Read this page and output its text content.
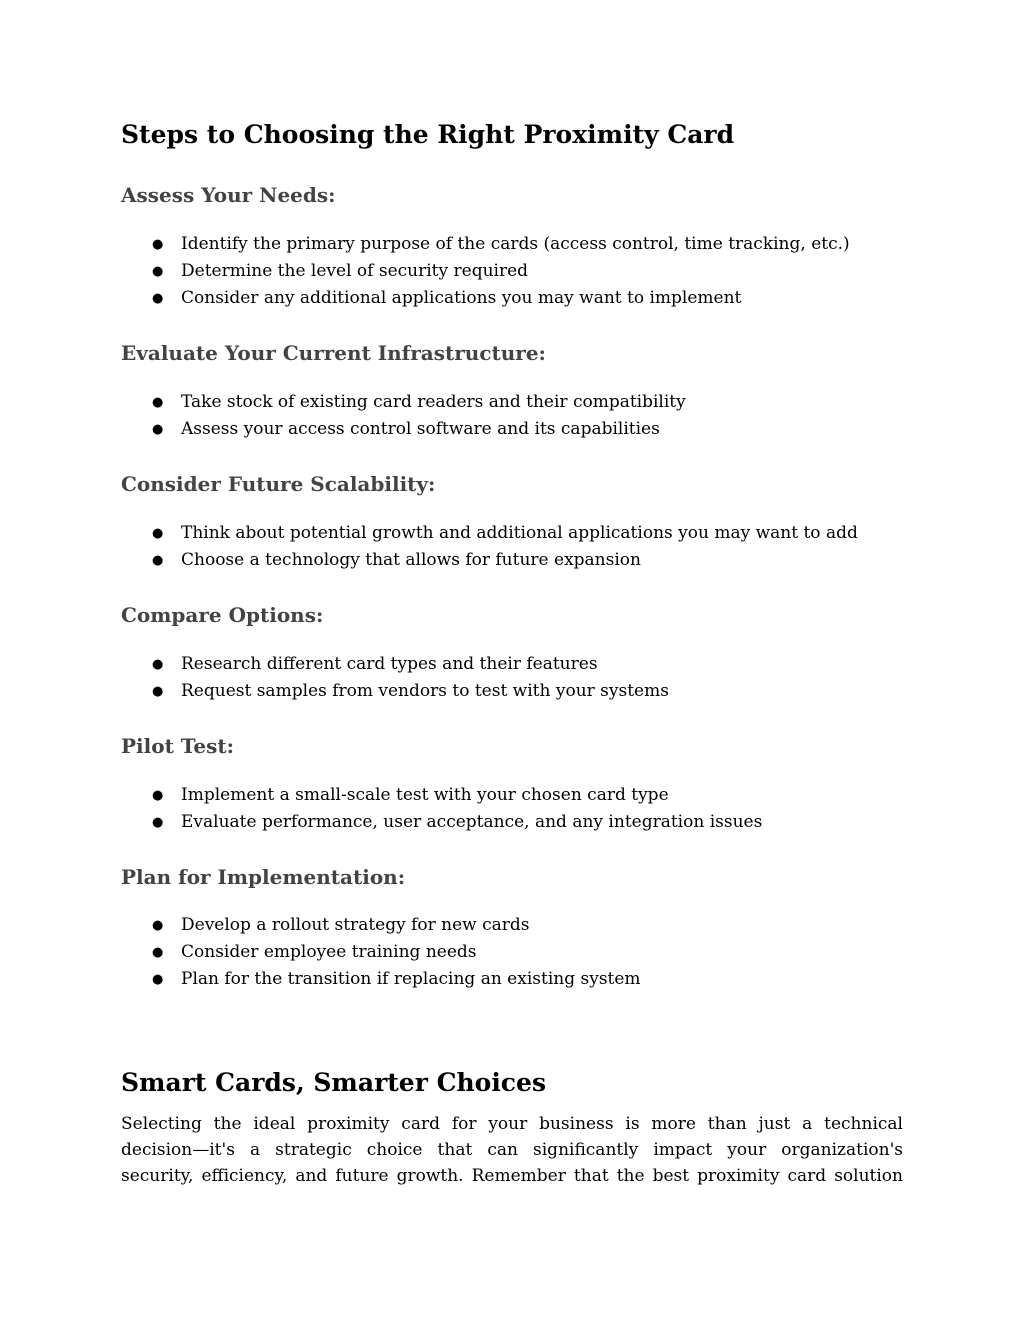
Steps to Choosing the Right Proximity Card
Assess Your Needs:
● Identify the primary purpose of the cards (access control, time tracking, etc.)
● Determine the level of security required
● Consider any additional applications you may want to implement
Evaluate Your Current Infrastructure:
● Take stock of existing card readers and their compatibility
● Assess your access control software and its capabilities
Consider Future Scalability:
● Think about potential growth and additional applications you may want to add
● Choose a technology that allows for future expansion
Compare Options:
● Research different card types and their features
● Request samples from vendors to test with your systems
Pilot Test:
● Implement a small-scale test with your chosen card type
● Evaluate performance, user acceptance, and any integration issues
Plan for Implementation:
● Develop a rollout strategy for new cards
● Consider employee training needs
● Plan for the transition if replacing an existing system
Smart Cards, Smarter Choices

Selecting the ideal proximity card for your business is more than just a technical
decision—it's a strategic choice that can significantly impact your organization's
security, efficiency, and future growth. Remember that the best proximity card solution
